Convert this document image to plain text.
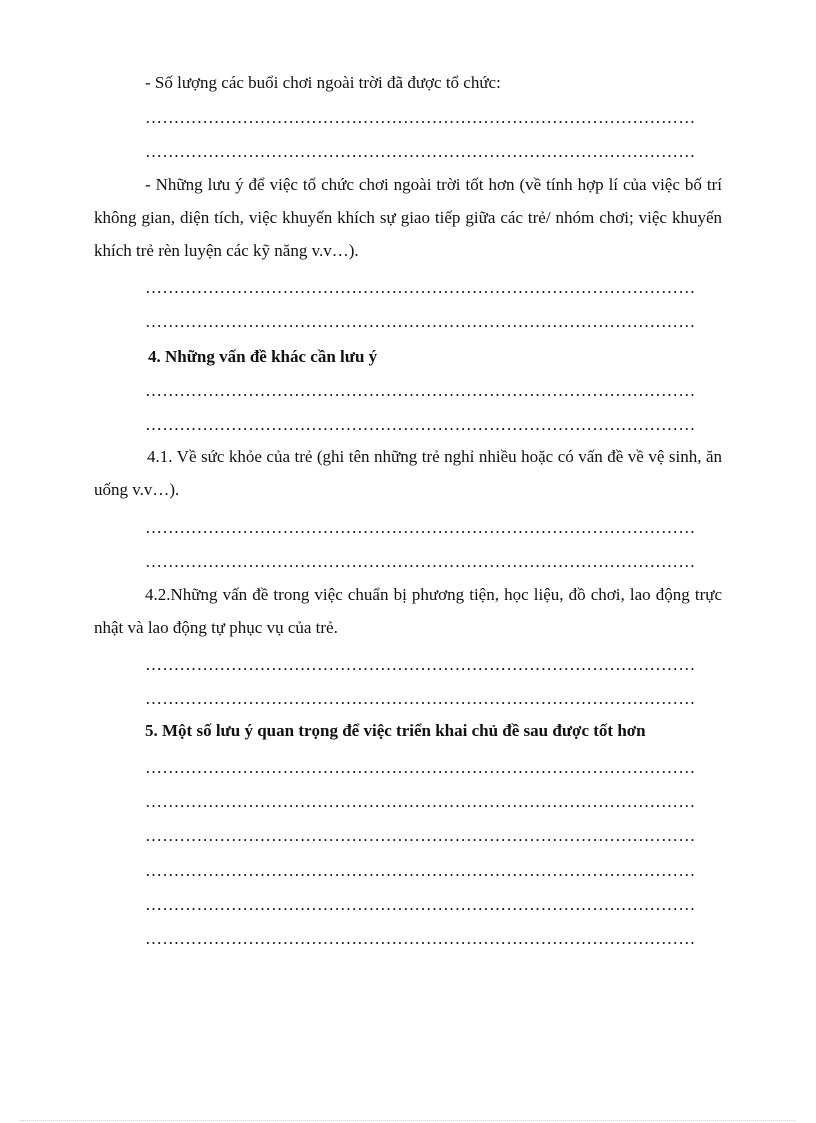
- Số lượng các buổi chơi ngoài trời đã được tổ chức:
……………………………………………………………………………………
……………………………………………………………………………………
- Những lưu ý để việc tổ chức chơi ngoài trời tốt hơn (về tính hợp lí của việc bố trí không gian, diện tích, việc khuyến khích sự giao tiếp giữa các trẻ/ nhóm chơi; việc khuyến khích trẻ rèn luyện các kỹ năng v.v…).
……………………………………………………………………………………
……………………………………………………………………………………
4. Những vấn đề khác cần lưu ý
……………………………………………………………………………………
……………………………………………………………………………………
4.1. Về sức khỏe của trẻ (ghi tên những trẻ nghỉ nhiều hoặc có vấn đề về vệ sinh, ăn uống v.v…).
……………………………………………………………………………………
……………………………………………………………………………………
4.2.Những vấn đề trong việc chuẩn bị phương tiện, học liệu, đồ chơi, lao động trực nhật và lao động tự phục vụ của trẻ.
……………………………………………………………………………………
……………………………………………………………………………………
5. Một số lưu ý quan trọng để việc triển khai chủ đề sau được tốt hơn
……………………………………………………………………………………
……………………………………………………………………………………
……………………………………………………………………………………
……………………………………………………………………………………
……………………………………………………………………………………
……………………………………………………………………………………
